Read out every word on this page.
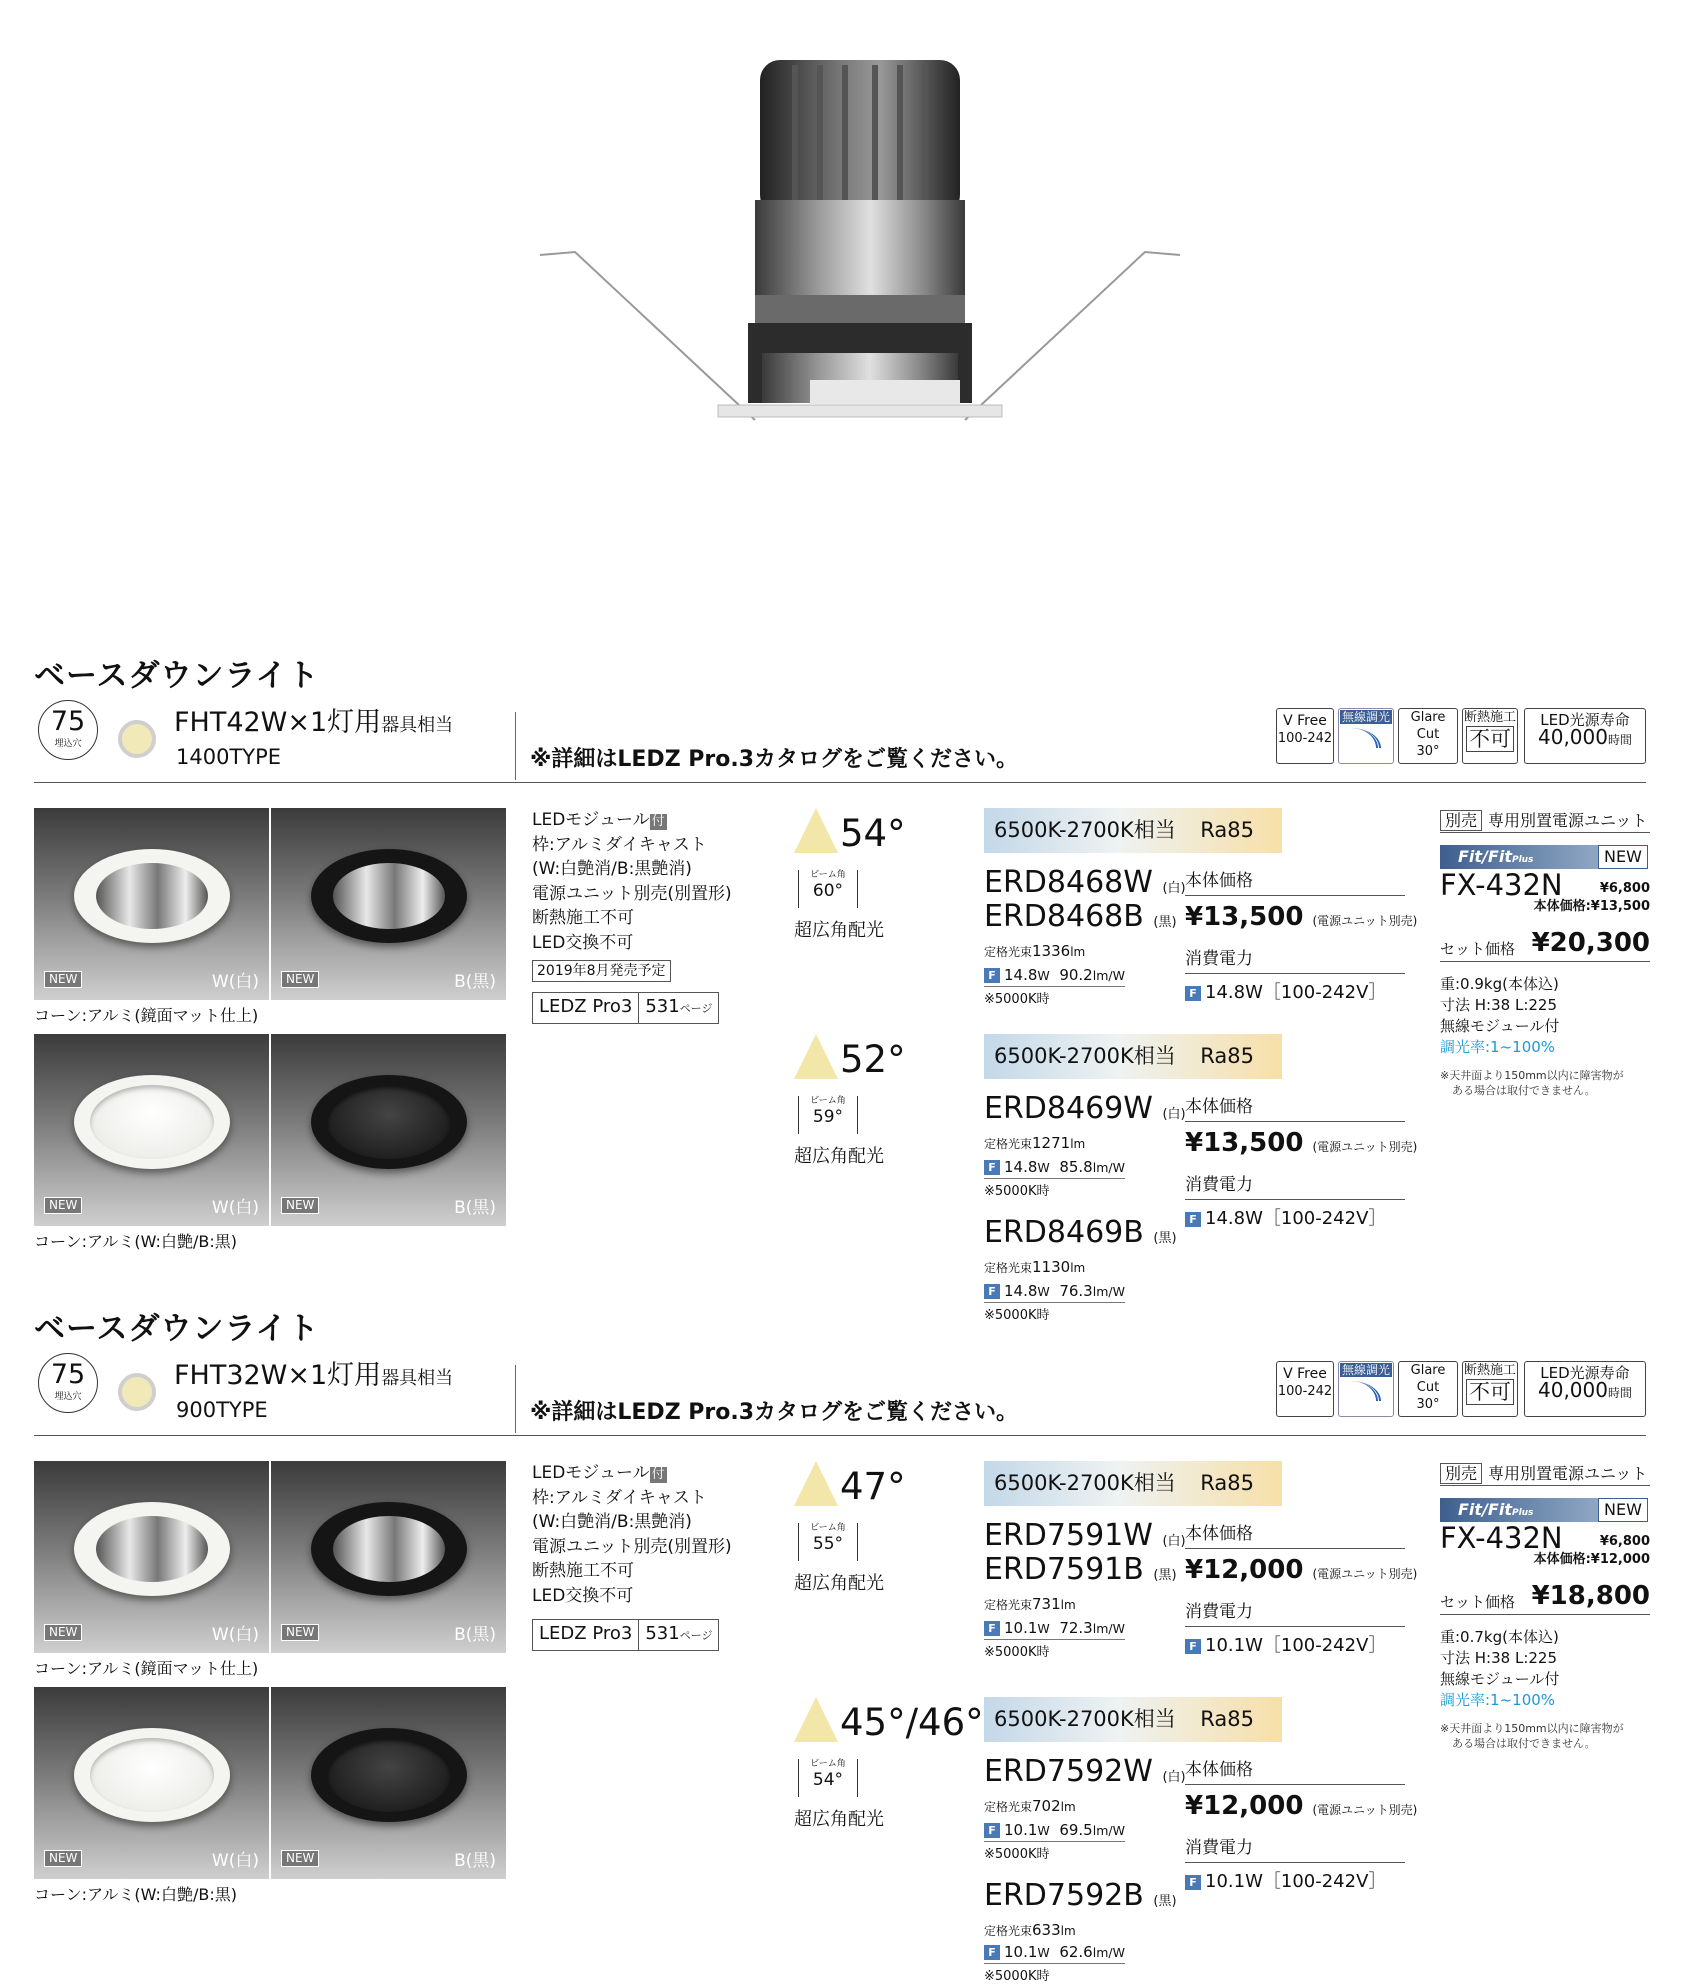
ベースダウンライト
75
埋込穴
FHT42W×1灯用器具相当
1400TYPE	※詳細はLEDZ Pro.3カタログをご覧ください。
V Free
100-242
無線調光	Glare Cut
30°
断熱施工
不可
LED光源寿命
40,000時間
NEW	W(白)	NEW	B(黒)
コーン:アルミ(鏡面マット仕上)
NEW	W(白)	NEW	B(黒)
コーン:アルミ(W:白艶/B:黒)
LEDモジュール 付
枠:アルミダイキャスト
(W:白艶消/B:黒艶消)
電源ユニット別売(別置形)
断熱施工不可
LED交換不可
2019年8月発売予定
LEDZ Pro3 531ページ
54°
ビーム角
60°
超広角配光
52°
ビーム角
59°
超広角配光
6500K-2700K相当 Ra85
ERD8468W (白)
ERD8468B (黒)
定格光束1336lm
F 14.8W 90.2lm/W
※5000K時
本体価格
¥13,500 (電源ユニット別売)
消費電力
F 14.8W［100-242V］
6500K-2700K相当 Ra85
ERD8469W (白)
定格光束1271lm
F 14.8W 85.8lm/W
※5000K時
本体価格
¥13,500 (電源ユニット別売)
消費電力
F 14.8W［100-242V］
ERD8469B (黒)
定格光束1130lm
F 14.8W 76.3lm/W
※5000K時
別売 専用別置電源ユニット
Fit/FitPlus	NEW
FX-432N	¥6,800
本体価格:¥13,500
セット価格 ¥20,300
重:0.9kg(本体込)
寸法 H:38 L:225
無線モジュール付
調光率:1~100%
※天井面より150mm以内に障害物が
ある場合は取付できません。
ベースダウンライト
75
埋込穴
FHT32W×1灯用器具相当
900TYPE	※詳細はLEDZ Pro.3カタログをご覧ください。
V Free
100-242
無線調光	Glare Cut
30°
断熱施工
不可
LED光源寿命
40,000時間
NEW	W(白)	NEW	B(黒)
コーン:アルミ(鏡面マット仕上)
NEW	W(白)	NEW	B(黒)
コーン:アルミ(W:白艶/B:黒)
LEDモジュール 付
枠:アルミダイキャスト
(W:白艶消/B:黒艶消)
電源ユニット別売(別置形)
断熱施工不可
LED交換不可
LEDZ Pro3 531ページ
47°
ビーム角
55°
超広角配光
45°/46°
ビーム角
54°
超広角配光
6500K-2700K相当 Ra85
ERD7591W (白)
ERD7591B (黒)
定格光束731lm
F 10.1W 72.3lm/W
※5000K時
本体価格
¥12,000 (電源ユニット別売)
消費電力
F 10.1W［100-242V］
6500K-2700K相当 Ra85
ERD7592W (白)
定格光束702lm
F 10.1W 69.5lm/W
※5000K時
本体価格
¥12,000 (電源ユニット別売)
消費電力
F 10.1W［100-242V］
ERD7592B (黒)
定格光束633lm
F 10.1W 62.6lm/W
※5000K時
別売 専用別置電源ユニット
Fit/FitPlus	NEW
FX-432N	¥6,800
本体価格:¥12,000
セット価格 ¥18,800
重:0.7kg(本体込)
寸法 H:38 L:225
無線モジュール付
調光率:1~100%
※天井面より150mm以内に障害物が
ある場合は取付できません。
